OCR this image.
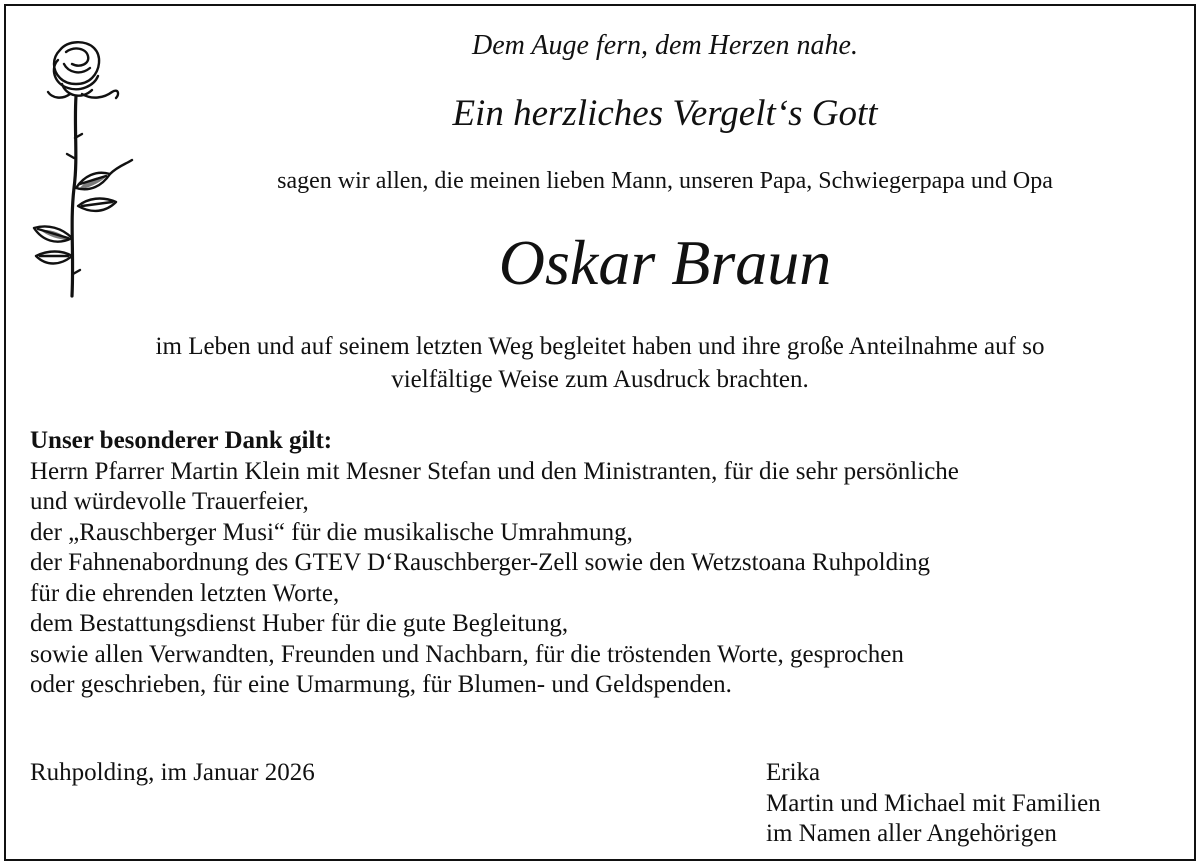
Dem Auge fern, dem Herzen nahe.
Ein herzliches Vergelt‘s Gott
sagen wir allen, die meinen lieben Mann, unseren Papa, Schwiegerpapa und Opa
Oskar Braun
im Leben und auf seinem letzten Weg begleitet haben und ihre große Anteilnahme auf so
vielfältige Weise zum Ausdruck brachten.
Unser besonderer Dank gilt:
Herrn Pfarrer Martin Klein mit Mesner Stefan und den Ministranten, für die sehr persönliche
und würdevolle Trauerfeier,
der „Rauschberger Musi“ für die musikalische Umrahmung,
der Fahnenabordnung des GTEV D‘Rauschberger-Zell sowie den Wetzstoana Ruhpolding
für die ehrenden letzten Worte,
dem Bestattungsdienst Huber für die gute Begleitung,
sowie allen Verwandten, Freunden und Nachbarn, für die tröstenden Worte, gesprochen
oder geschrieben, für eine Umarmung, für Blumen- und Geldspenden.
Ruhpolding, im Januar 2026	Erika
Martin und Michael mit Familien
im Namen aller Angehörigen
